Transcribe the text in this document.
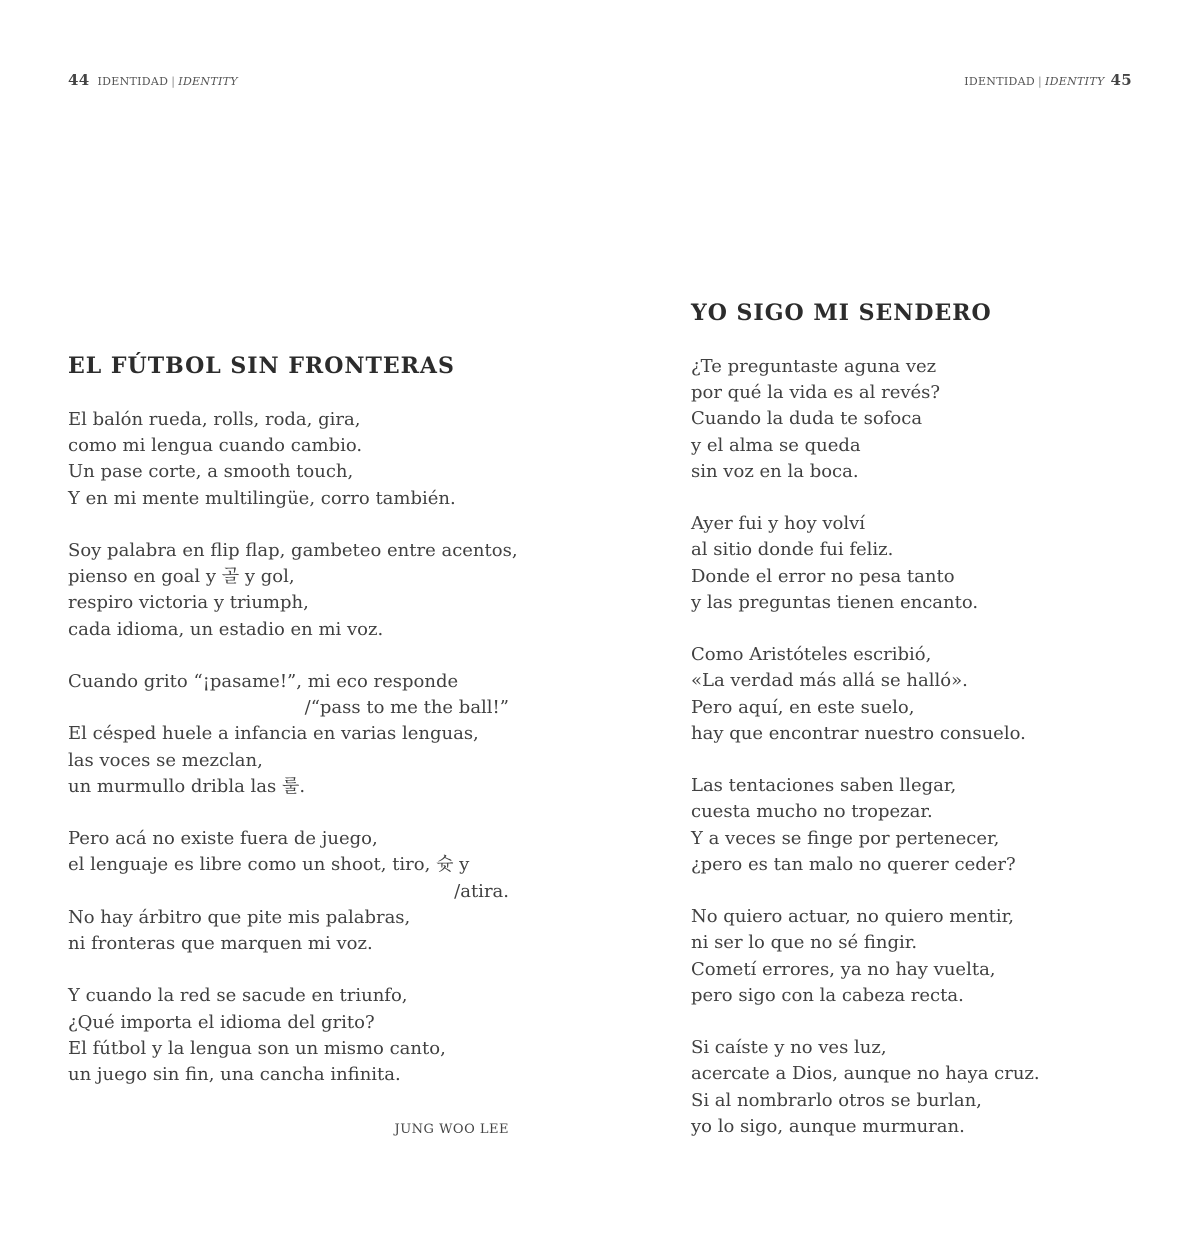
44 IDENTIDAD | IDENTITY
EL FÚTBOL SIN FRONTERAS

El balón rueda, rolls, roda, gira,
como mi lengua cuando cambio.
Un pase corte, a smooth touch,
Y en mi mente multilingüe, corro también.

Soy palabra en flip flap, gambeteo entre acentos,
pienso en goal y 골 y gol,
respiro victoria y triumph,
cada idioma, un estadio en mi voz.

Cuando grito “¡pasame!”, mi eco responde
/“pass to me the ball!”
El césped huele a infancia en varias lenguas,
las voces se mezclan,
un murmullo dribla las 룰.

Pero acá no existe fuera de juego,
el lenguaje es libre como un shoot, tiro, 슛 y
/atira.
No hay árbitro que pite mis palabras,
ni fronteras que marquen mi voz.

Y cuando la red se sacude en triunfo,
¿Qué importa el idioma del grito?
El fútbol y la lengua son un mismo canto,
un juego sin fin, una cancha infinita.

JUNG WOO LEE
IDENTIDAD | IDENTITY 45
YO SIGO MI SENDERO

¿Te preguntaste aguna vez
por qué la vida es al revés?
Cuando la duda te sofoca
y el alma se queda
sin voz en la boca.

Ayer fui y hoy volví
al sitio donde fui feliz.
Donde el error no pesa tanto
y las preguntas tienen encanto.

Como Aristóteles escribió,
«La verdad más allá se halló».
Pero aquí, en este suelo,
hay que encontrar nuestro consuelo.

Las tentaciones saben llegar,
cuesta mucho no tropezar.
Y a veces se finge por pertenecer,
¿pero es tan malo no querer ceder?

No quiero actuar, no quiero mentir,
ni ser lo que no sé fingir.
Cometí errores, ya no hay vuelta,
pero sigo con la cabeza recta.

Si caíste y no ves luz,
acercate a Dios, aunque no haya cruz.
Si al nombrarlo otros se burlan,
yo lo sigo, aunque murmuran.
